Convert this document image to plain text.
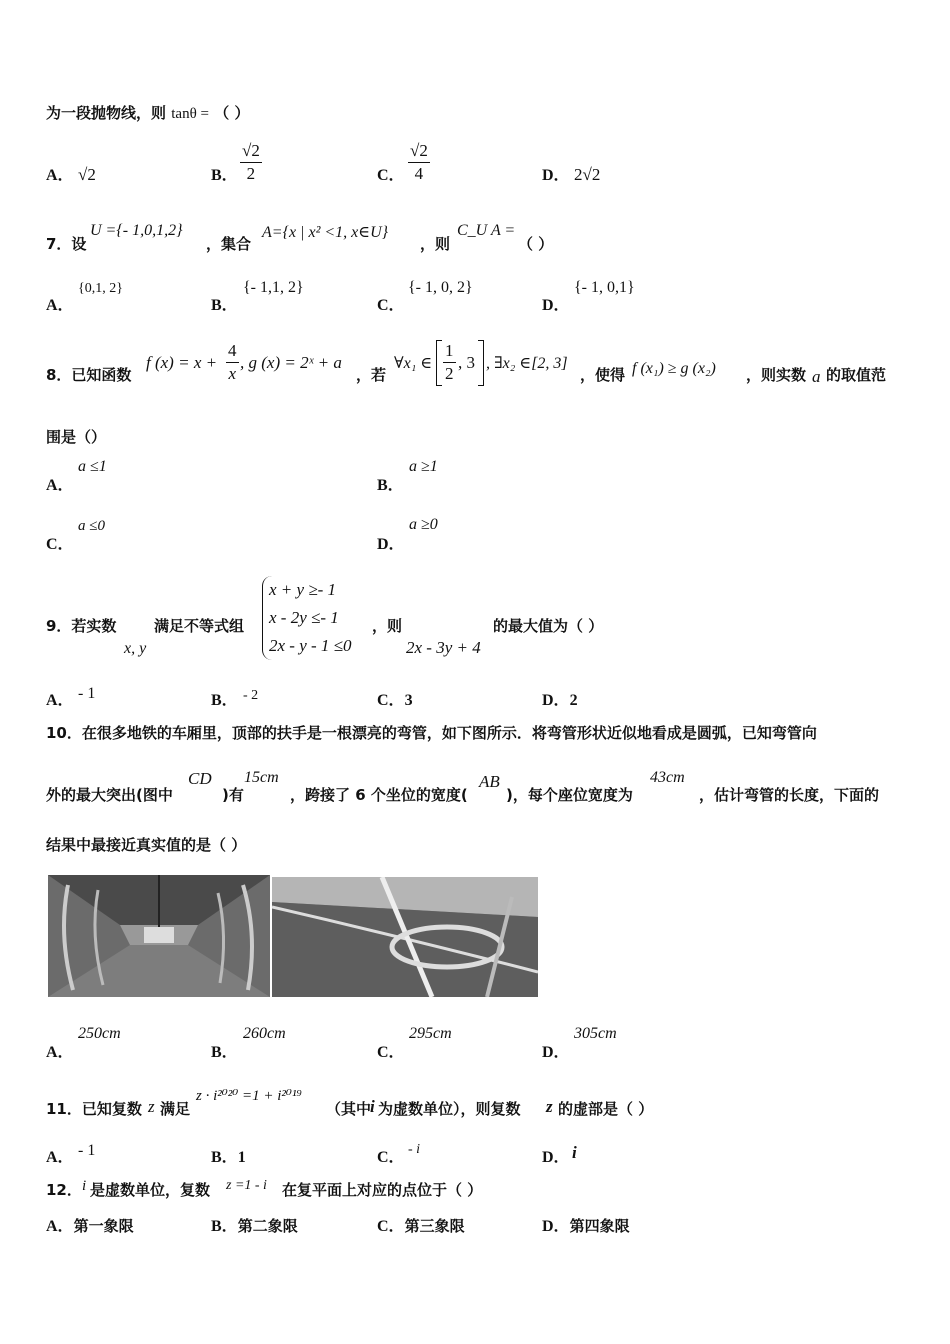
为一段抛物线，则 tanθ = （ ）
A． √2	B． $\frac{√2}{2}$	C． $\frac{√2}{4}$	D． 2√2
7．设
U ={- 1,0,1,2}
，集合
A={x | x² <1, x∈U}
，则
C_U A =
（ ）
A．
{0,1, 2}
B．
{- 1,1, 2}
C．
{- 1, 0, 2}
D．
{- 1, 0,1}
8．已知函数
f $(x) = x + \frac{4}{x}$ , g (x) = 2ˣ + a
，若
∀x₁ ∈ $\frac{1}{2}$ , 3 , ∃x₂ ∈[2, 3]
，使得 f (x₁) ≥ g (x₂) ，则实数 a 的取值范
围是（）
A．
a ≤1
B．
a ≥1
C．
a ≤0
D．
a ≥0
9．若实数
x, y
满足不等式组
x + y ≥- 1
x - 2y ≤- 1
2x - y - 1 ≤0
，则
2x - 3y + 4
的最大值为（ ）
A． - 1	B． - 2	C．3	D．2
10．在很多地铁的车厢里，顶部的扶手是一根漂亮的弯管，如下图所示．将弯管形状近似地看成是圆弧，已知弯管向
外的最大突出(图中
CD
)有
15cm
，跨接了 6 个坐位的宽度(
AB
)，每个座位宽度为
43cm
，估计弯管的长度，下面的
结果中最接近真实值的是（ ）
A．
250cm
B．
260cm
C．
295cm
D．
305cm
11．已知复数 z 满足
z · i²⁰²⁰ =1 + i²⁰¹⁹
（其中
i 为虚数单位），则复数 z 的虚部是（ ）
A． - 1	B．1	C． - i	D． i
12． i 是虚数单位，复数 z =1 - i 在复平面上对应的点位于（ ）
A．第一象限	B．第二象限	C．第三象限	D．第四象限
